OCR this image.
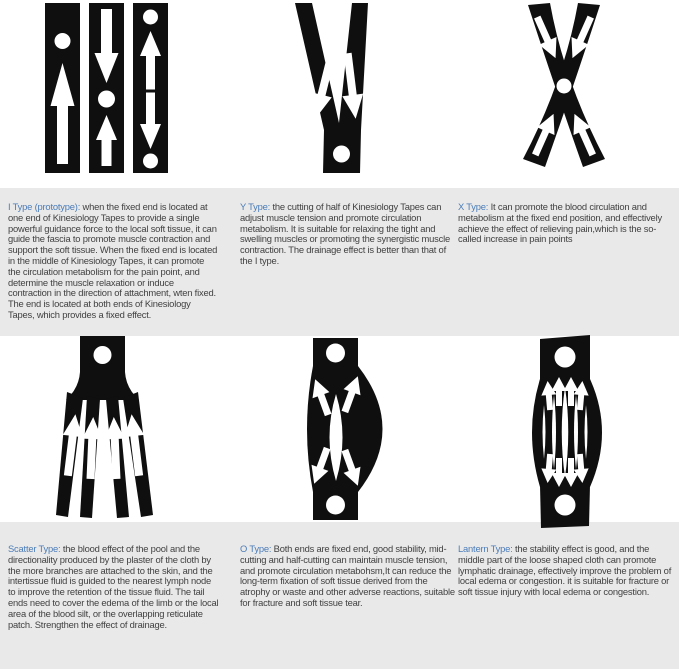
I Type (prototype): when the fixed end is located at one end of Kinesiology Tapes to provide a single powerful guidance force to the local soft tissue, it can guide the fascia to promote muscle contraction and support the soft tissue. When the fixed end is located in the middle of Kinesiology Tapes, it can promote the circulation metabolism for the pain point, and determine the muscle relaxation or induce contraction in the direction of attachment, wten fixed. The end is located at both ends of Kinesiology Tapes, which provides a fixed effect.

Y Type: the cutting of half of Kinesiology Tapes can adjust muscle tension and promote circulation metabolism. It is suitable for relaxing the tight and swelling muscles or promoting the synergistic muscle contraction. The drainage effect is better than that of the I type.

X Type: It can promote the blood circulation and metabolism at the fixed end position, and effectively achieve the effect of relieving pain,which is the so-called increase in pain points

Scatter Type: the blood effect of the pool and the directionality produced by the plaster of the cloth by the more branches are attached to the skin, and the intertissue fluid is guided to the nearest lymph node to improve the retention of the tissue fluid. The tail ends need to cover the edema of the limb or the local area of the blood silt, or the overlapping reticulate patch. Strengthen the effect of drainage.

O Type: Both ends are fixed end, good stability, mid-cutting and half-cutting can maintain muscle tension, and promote circulation metabohsm,It can reduce the long-term fixation of soft tissue derived from the atrophy or waste and other adverse reactions, suitable for fracture and soft tissue tear.

Lantern Type: the stability effect is good, and the middle part of the loose shaped cloth can promote lymphatic drainage, effectively improve the problem of local edema or congestion. it is suitable for fracture or soft tissue injury with local edema or congestion.
